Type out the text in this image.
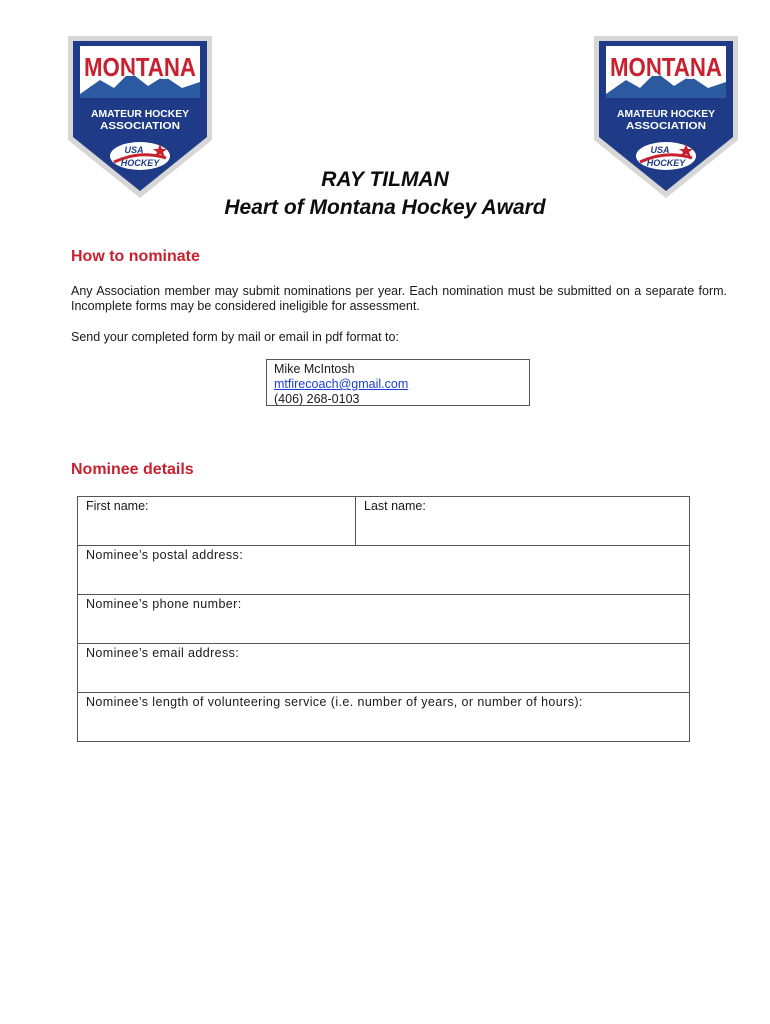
MONTANA
AMATEUR HOCKEY
ASSOCIATION
USA
HOCKEY
MONTANA
AMATEUR HOCKEY
ASSOCIATION
USA
HOCKEY
RAY TILMAN
Heart of Montana Hockey Award
How to nominate
Any Association member may submit nominations per year. Each nomination must be submitted on a separate form. Incomplete forms may be considered ineligible for assessment.
Send your completed form by mail or email in pdf format to:
Mike McIntosh
mtfirecoach@gmail.com
(406) 268-0103
Nominee details
First name:	Last name:
Nominee’s postal address:
Nominee’s phone number:
Nominee’s email address:
Nominee’s length of volunteering service (i.e. number of years, or number of hours):
